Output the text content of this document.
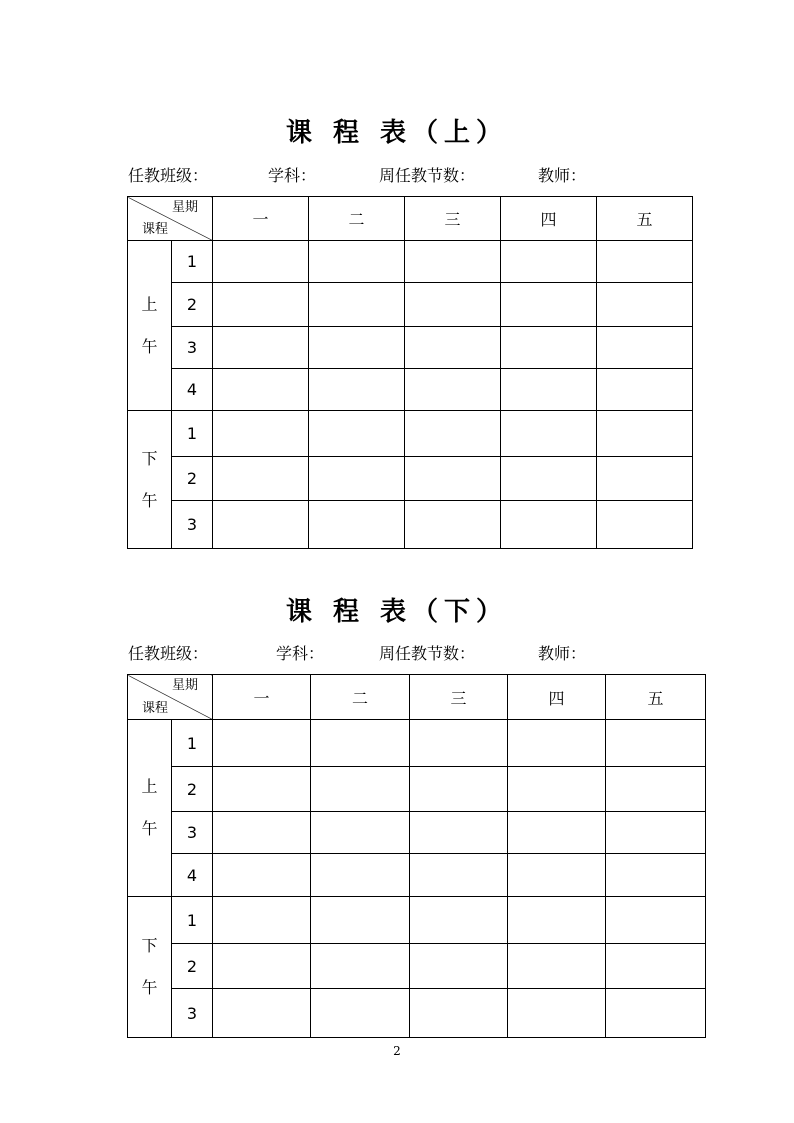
课 程 表（上）
任教班级：	学科：	周任教节数：	教师：
星期
课程		一	二	三	四	五

上
午	1					
	2					
	3					
	4					

下
午	1					
	2					
	3					
课 程 表（下）
任教班级：	学科：	周任教节数：	教师：
星期
课程		一	二	三	四	五

上
午	1					
	2					
	3					
	4					

下
午	1					
	2					
	3					
2
